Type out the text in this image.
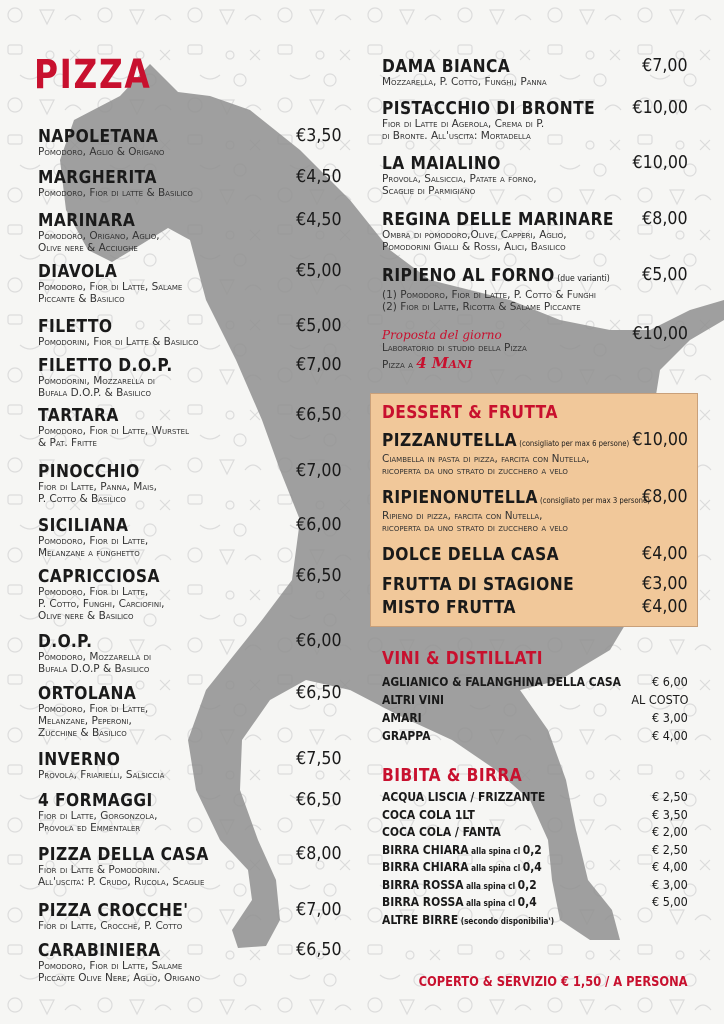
PIZZA
NAPOLETANA
Pomodoro, Aglio & Origano
€3,50
MARGHERITA
Pomodoro, Fior di latte & Basilico
€4,50
MARINARA
Pomodoro, Origano, Aglio,
Olive nere & Acciughe
€4,50
DIAVOLA
Pomodoro, Fior di Latte, Salame
Piccante & Basilico
€5,00
FILETTO
Pomodorini, Fior di Latte & Basilico
€5,00
FILETTO D.O.P.
Pomodorini, Mozzarella di
Bufala D.O.P. & Basilico
€7,00
TARTARA
Pomodoro, Fior di Latte, Wurstel
& Pat. Fritte
€6,50
PINOCCHIO
Fior di Latte, Panna, Mais,
P. Cotto & Basilico
€7,00
SICILIANA
Pomodoro, Fior di Latte,
Melanzane a funghetto
€6,00
CAPRICCIOSA
Pomodoro, Fior di Latte,
P. Cotto, Funghi, Carciofini,
Olive nere & Basilico
€6,50
D.O.P.
Pomodoro, Mozzarella di
Bufala D.O.P & Basilico
€6,00
ORTOLANA
Pomodoro, Fior di Latte,
Melanzane, Peperoni,
Zucchine & Basilico
€6,50
INVERNO
Provola, Friarielli, Salsiccia
€7,50
4 FORMAGGI
Fior di Latte, Gorgonzola,
Provola ed Emmentaler
€6,50
PIZZA DELLA CASA
Fior di Latte & Pomodorini.
All'uscita: P. Crudo, Rucola, Scaglie
€8,00
PIZZA CROCCHE'
Fior di Latte, Crocchè, P. Cotto
€7,00
CARABINIERA
Pomodoro, Fior di Latte, Salame
Piccante Olive Nere, Aglio, Origano
€6,50
DAMA BIANCA
Mozzarella, P. Cotto, Funghi, Panna
€7,00
PISTACCHIO DI BRONTE
Fior di Latte di Agerola, Crema di P.
di Bronte. All'uscita: Mortadella
€10,00
LA MAIALINO
Provola, Salsiccia, Patate a forno,
Scaglie di Parmigiano
€10,00
REGINA DELLE MARINARE
Ombra di pomodoro,Olive, Capperi, Aglio,
Pomodorini Gialli & Rossi, Alici, Basilico
€8,00
RIPIENO AL FORNO (due varianti)
(1) Pomodoro, Fior di Latte, P. Cotto & Funghi
(2) Fior di Latte, Ricotta & Salame Piccante
€5,00
Proposta del giorno
Laboratorio di studio della Pizza
Pizza a 4 Mani
€10,00
DESSERT & FRUTTA
PIZZANUTELLA (consigliato per max 6 persone)
Ciambella in pasta di pizza, farcita con Nutella,
ricoperta da uno strato di zucchero a velo
€10,00
RIPIENONUTELLA (consigliato per max 3 persone)
Ripieno di pizza, farcita con Nutella,
ricoperta da uno strato di zucchero a velo
€8,00
DOLCE DELLA CASA	€4,00
FRUTTA DI STAGIONE	€3,00
MISTO FRUTTA	€4,00
VINI & DISTILLATI
AGLIANICO & FALANGHINA DELLA CASA € 6,00
ALTRI VINI	AL COSTO
AMARI	€ 3,00
GRAPPA	€ 4,00
BIBITA & BIRRA
ACQUA LISCIA / FRIZZANTE	€ 2,50
COCA COLA 1LT	€ 3,50
COCA COLA / FANTA	€ 2,00
BIRRA CHIARA alla spina cl 0,2	€ 2,50
BIRRA CHIARA alla spina cl 0,4	€ 4,00
BIRRA ROSSA alla spina cl 0,2	€ 3,00
BIRRA ROSSA alla spina cl 0,4	€ 5,00
ALTRE BIRRE (secondo disponibilia')
COPERTO & SERVIZIO € 1,50 / A PERSONA
